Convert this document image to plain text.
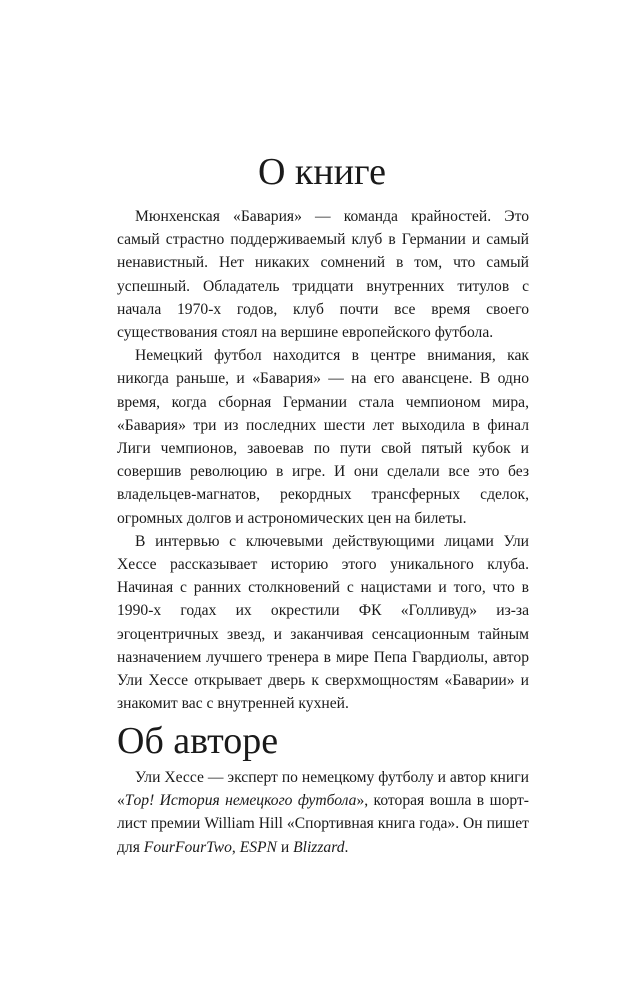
О книге

Мюнхенская «Бавария» — команда крайностей. Это самый страстно поддерживаемый клуб в Германии и самый ненавистный. Нет никаких сомнений в том, что самый успешный. Обладатель тридцати внутренних титулов с начала 1970-х годов, клуб почти все время своего существования стоял на вершине европейского футбола.

Немецкий футбол находится в центре внимания, как никогда раньше, и «Бавария» — на его авансцене. В одно время, когда сборная Германии стала чемпионом мира, «Бавария» три из последних шести лет выходила в финал Лиги чемпионов, завоевав по пути свой пятый кубок и совершив революцию в игре. И они сделали все это без владельцев-магнатов, рекордных трансферных сделок, огромных долгов и астрономических цен на билеты.

В интервью с ключевыми действующими лицами Ули Хессе рассказывает историю этого уникального клуба. Начиная с ранних столкновений с нацистами и того, что в 1990-х годах их окрестили ФК «Голливуд» из-за эгоцентричных звезд, и заканчивая сенсационным тайным назначением лучшего тренера в мире Пепа Гвардиолы, автор Ули Хессе открывает дверь к сверхмощностям «Баварии» и знакомит вас с внутренней кухней.

Об авторе

Ули Хессе — эксперт по немецкому футболу и автор книги «Tор! История немецкого футбола», которая вошла в шорт-лист премии William Hill «Спортивная книга года». Он пишет для FourFourTwo, ESPN и Blizzard.
